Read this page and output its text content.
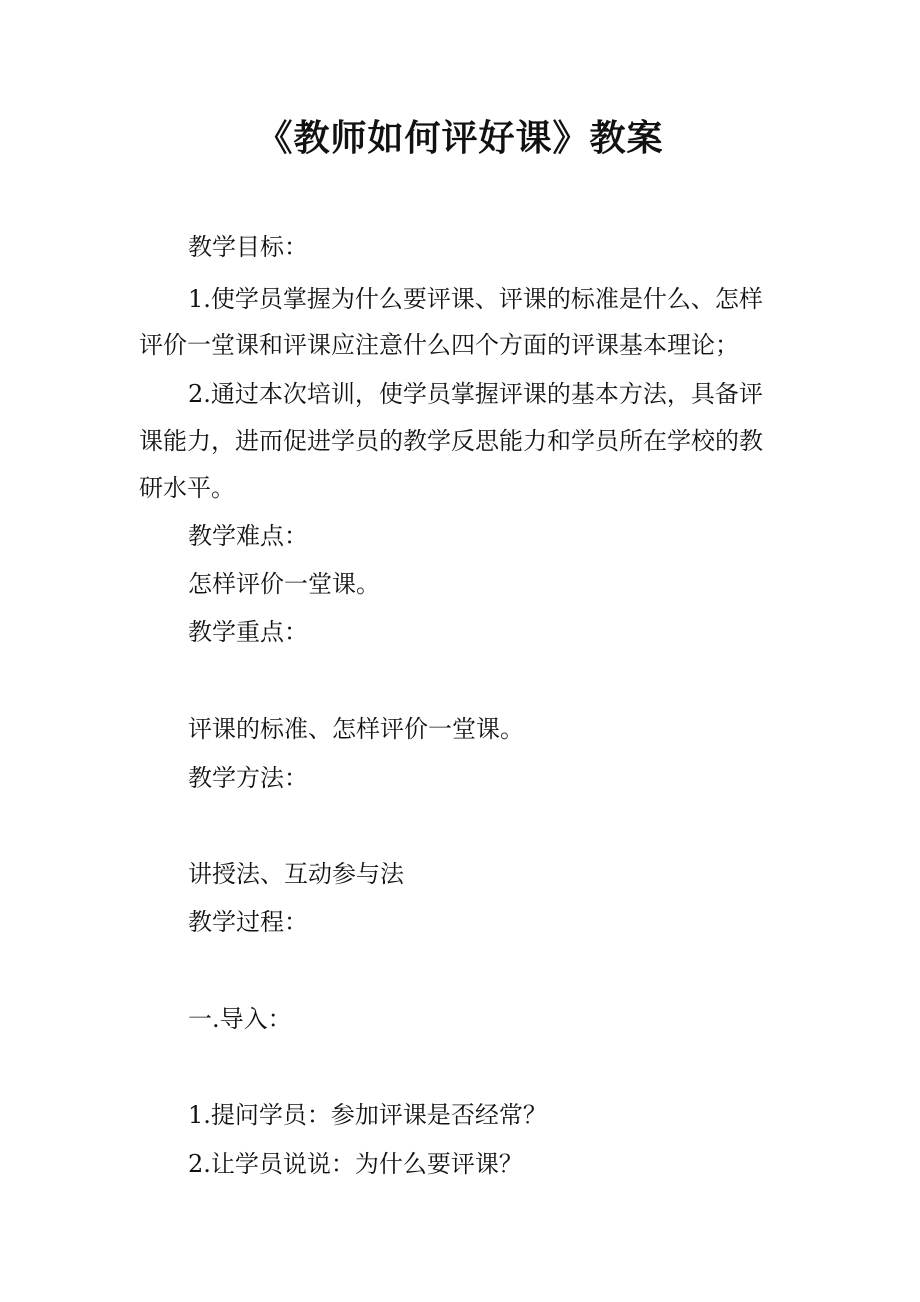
《教师如何评好课》教案
教学目标：
1.使学员掌握为什么要评课、评课的标准是什么、怎样
评价一堂课和评课应注意什么四个方面的评课基本理论；
2.通过本次培训，使学员掌握评课的基本方法，具备评
课能力，进而促进学员的教学反思能力和学员所在学校的教
研水平。
教学难点：
怎样评价一堂课。
教学重点：
评课的标准、怎样评价一堂课。
教学方法：
讲授法、互动参与法
教学过程：
一.导入：
1.提问学员：参加评课是否经常？
2.让学员说说：为什么要评课？
